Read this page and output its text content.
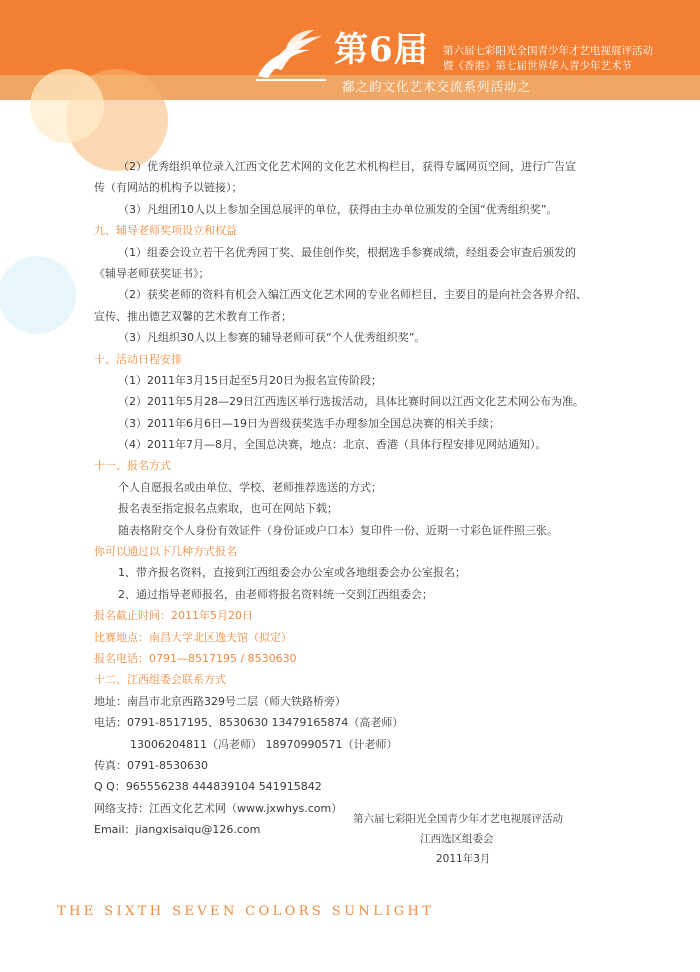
第6届 第六届七彩阳光全国青少年才艺电视展评活动
暨《香港》第七届世界华人青少年艺术节
鄱之韵文化艺术交流系列活动之
（2）优秀组织单位录入江西文化艺术网的文化艺术机构栏目，获得专属网页空间，进行广告宣
传（有网站的机构予以链接）；
（3）凡组团10人以上参加全国总展评的单位，获得由主办单位颁发的全国“优秀组织奖”。
九、辅导老师奖项设立和权益
（1）组委会设立若干名优秀园丁奖、最佳创作奖，根据选手参赛成绩，经组委会审查后颁发的
《辅导老师获奖证书》；
（2）获奖老师的资料有机会入编江西文化艺术网的专业名师栏目，主要目的是向社会各界介绍、
宣传、推出德艺双馨的艺术教育工作者；
（3）凡组织30人以上参赛的辅导老师可获“个人优秀组织奖”。
十、活动日程安排
（1）2011年3月15日起至5月20日为报名宣传阶段；
（2）2011年5月28—29日江西选区举行选拔活动，具体比赛时间以江西文化艺术网公布为准。
（3）2011年6月6日—19日为晋级获奖选手办理参加全国总决赛的相关手续；
（4）2011年7月—8月，全国总决赛，地点：北京、香港（具体行程安排见网站通知）。
十一、报名方式
个人自愿报名或由单位、学校、老师推荐选送的方式；
报名表至指定报名点索取，也可在网站下载；
随表格附交个人身份有效证件（身份证或户口本）复印件一份、近期一寸彩色证件照三张。
你可以通过以下几种方式报名
1、带齐报名资料，直接到江西组委会办公室或各地组委会办公室报名；
2、通过指导老师报名，由老师将报名资料统一交到江西组委会；
报名截止时间：2011年5月20日
比赛地点：南昌大学北区逸夫馆（拟定）
报名电话：0791—8517195 / 8530630
十二、江西组委会联系方式
地址：南昌市北京西路329号二层（师大铁路桥旁）
电话：0791-8517195、8530630 13479165874（高老师）
13006204811（冯老师） 18970990571（计老师）
传真：0791-8530630
Q Q：965556238 444839104 541915842
网络支持：江西文化艺术网（www.jxwhys.com）
Email：jiangxisaiqu@126.com
第六届七彩阳光全国青少年才艺电视展评活动
江西选区组委会
2011年3月
THE SIXTH SEVEN COLORS SUNLIGHT
